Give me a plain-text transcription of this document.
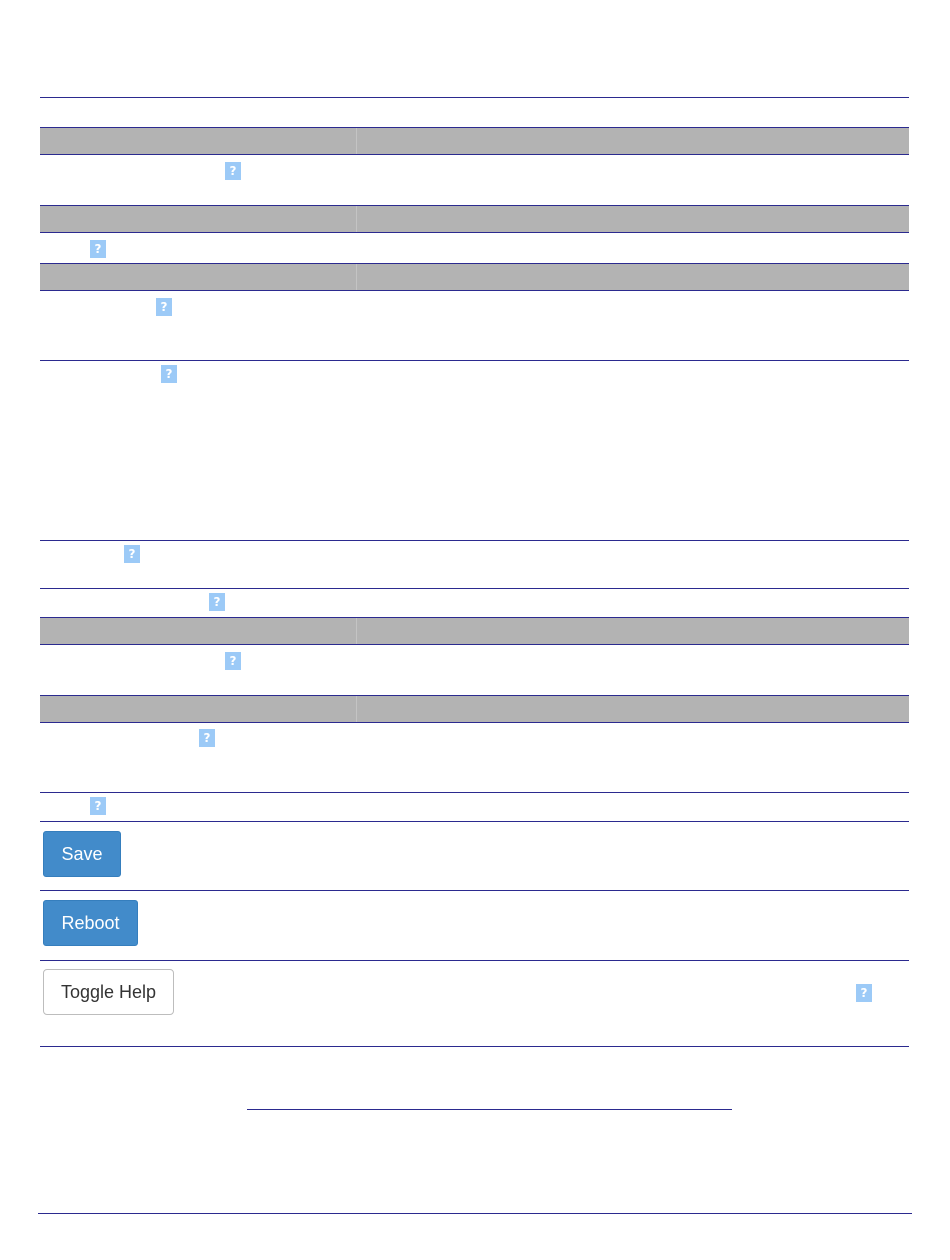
?
?
?
?
?
?
?
?
?
Save
Reboot
Toggle Help	?
